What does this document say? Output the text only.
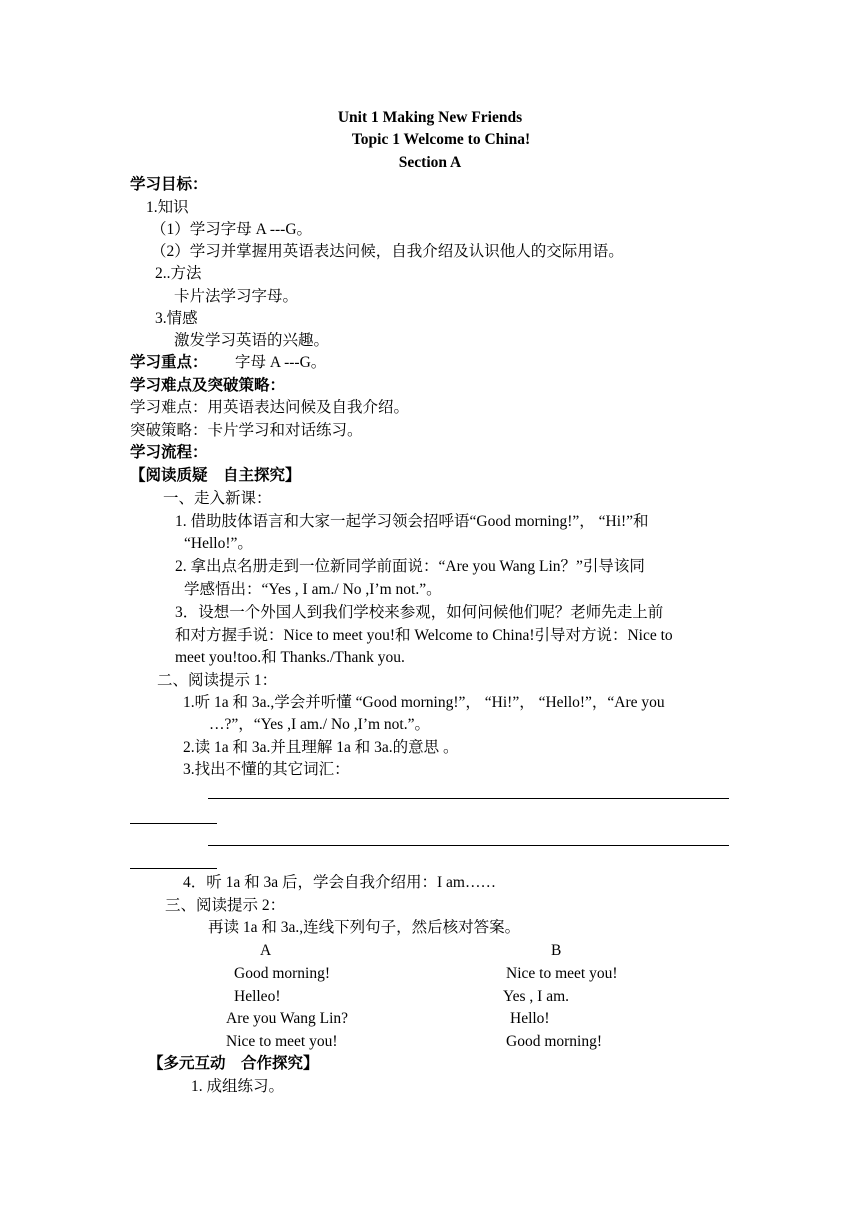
Unit 1 Making New Friends
Topic 1 Welcome to China!
Section A
学习目标：
1.知识
（1）学习字母 A ---G。
（2）学习并掌握用英语表达问候，自我介绍及认识他人的交际用语。
2..方法
卡片法学习字母。
3.情感
激发学习英语的兴趣。
学习重点： 字母 A ---G。
学习难点及突破策略：
学习难点：用英语表达问候及自我介绍。
突破策略：卡片学习和对话练习。
学习流程：
【阅读质疑　自主探究】
一、走入新课：
1. 借助肢体语言和大家一起学习领会招呼语“Good morning!”， “Hi!”和
“Hello!”。
2. 拿出点名册走到一位新同学前面说：“Are you Wang Lin？”引导该同
学感悟出：“Yes , I am./ No ,I’m not.”。
3．设想一个外国人到我们学校来参观，如何问候他们呢？老师先走上前
和对方握手说：Nice to meet you!和 Welcome to China!引导对方说：Nice to
meet you!too.和 Thanks./Thank you.
二、阅读提示 1：
1.听 1a 和 3a.,学会并听懂 “Good morning!”， “Hi!”， “Hello!”，“Are you
…?”，“Yes ,I am./ No ,I’m not.”。
2.读 1a 和 3a.并且理解 1a 和 3a.的意思 。
3.找出不懂的其它词汇：
4．听 1a 和 3a 后，学会自我介绍用：I am……
三、阅读提示 2：
再读 1a 和 3a.,连线下列句子，然后核对答案。
A	B
Good morning!
Helleo!
Are you Wang Lin?
Nice to meet you!
Nice to meet you!
Yes , I am.
Hello!
Good morning!
【多元互动　合作探究】
1. 成组练习。
